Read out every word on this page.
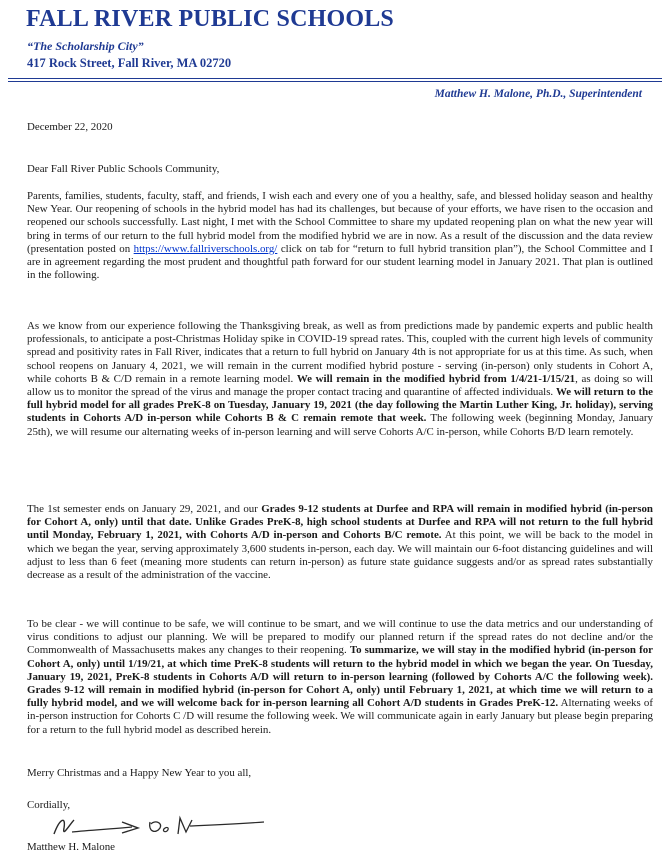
FALL RIVER PUBLIC SCHOOLS
“The Scholarship City”
417 Rock Street, Fall River, MA 02720
Matthew H. Malone, Ph.D., Superintendent
December 22, 2020
Dear Fall River Public Schools Community,

Parents, families, students, faculty, staff, and friends, I wish each and every one of you a healthy, safe, and blessed holiday season and healthy New Year. Our reopening of schools in the hybrid model has had its challenges, but because of your efforts, we have risen to the occasion and reopened our schools successfully. Last night, I met with the School Committee to share my updated reopening plan on what the new year will bring in terms of our return to the full hybrid model from the modified hybrid we are in now. As a result of the discussion and the data review (presentation posted on https://www.fallriverschools.org/ click on tab for “return to full hybrid transition plan”), the School Committee and I are in agreement regarding the most prudent and thoughtful path forward for our student learning model in January 2021. That plan is outlined in the following.

As we know from our experience following the Thanksgiving break, as well as from predictions made by pandemic experts and public health professionals, to anticipate a post-Christmas Holiday spike in COVID-19 spread rates. This, coupled with the current high levels of community spread and positivity rates in Fall River, indicates that a return to full hybrid on January 4th is not appropriate for us at this time. As such, when school reopens on January 4, 2021, we will remain in the current modified hybrid posture - serving (in-person) only students in Cohort A, while cohorts B & C/D remain in a remote learning model. We will remain in the modified hybrid from 1/4/21-1/15/21, as doing so will allow us to monitor the spread of the virus and manage the proper contact tracing and quarantine of affected individuals. We will return to the full hybrid model for all grades PreK-8 on Tuesday, January 19, 2021 (the day following the Martin Luther King, Jr. holiday), serving students in Cohorts A/D in-person while Cohorts B & C remain remote that week. The following week (beginning Monday, January 25th), we will resume our alternating weeks of in-person learning and will serve Cohorts A/C in-person, while Cohorts B/D learn remotely.

The 1st semester ends on January 29, 2021, and our Grades 9-12 students at Durfee and RPA will remain in modified hybrid (in-person for Cohort A, only) until that date. Unlike Grades PreK-8, high school students at Durfee and RPA will not return to the full hybrid until Monday, February 1, 2021, with Cohorts A/D in-person and Cohorts B/C remote. At this point, we will be back to the model in which we began the year, serving approximately 3,600 students in-person, each day. We will maintain our 6-foot distancing guidelines and will adjust to less than 6 feet (meaning more students can return in-person) as future state guidance suggests and/or as spread rates substantially decrease as a result of the administration of the vaccine.

To be clear - we will continue to be safe, we will continue to be smart, and we will continue to use the data metrics and our understanding of virus conditions to adjust our planning. We will be prepared to modify our planned return if the spread rates do not decline and/or the Commonwealth of Massachusetts makes any changes to their reopening. To summarize, we will stay in the modified hybrid (in-person for Cohort A, only) until 1/19/21, at which time PreK-8 students will return to the hybrid model in which we began the year. On Tuesday, January 19, 2021, PreK-8 students in Cohorts A/D will return to in-person learning (followed by Cohorts A/C the following week). Grades 9-12 will remain in modified hybrid (in-person for Cohort A, only) until February 1, 2021, at which time we will return to a fully hybrid model, and we will welcome back for in-person learning all Cohort A/D students in Grades PreK-12. Alternating weeks of in-person instruction for Cohorts C /D will resume the following week. We will communicate again in early January but please begin preparing for a return to the full hybrid model as described herein.

Merry Christmas and a Happy New Year to you all,
Cordially,
Matthew H. Malone
